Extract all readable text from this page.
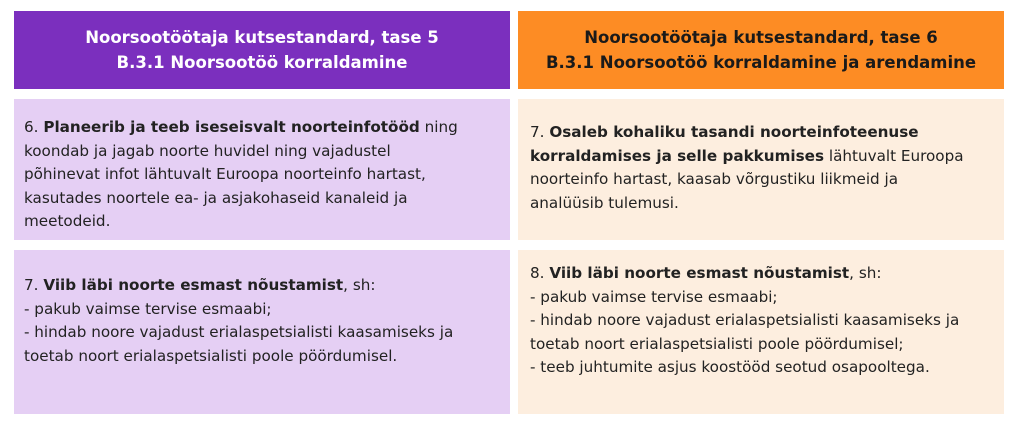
Noorsootöötaja kutsestandard, tase 5
B.3.1 Noorsootöö korraldamine
Noorsootöötaja kutsestandard, tase 6
B.3.1 Noorsootöö korraldamine ja arendamine
6. Planeerib ja teeb iseseisvalt noorteinfotööd ning
koondab ja jagab noorte huvidel ning vajadustel
põhinevat infot lähtuvalt Euroopa noorteinfo hartast,
kasutades noortele ea- ja asjakohaseid kanaleid ja
meetodeid.
7. Osaleb kohaliku tasandi noorteinfoteenuse
korraldamises ja selle pakkumises lähtuvalt Euroopa
noorteinfo hartast, kaasab võrgustiku liikmeid ja
analüüsib tulemusi.
7. Viib läbi noorte esmast nõustamist, sh:
- pakub vaimse tervise esmaabi;
- hindab noore vajadust erialaspetsialisti kaasamiseks ja
toetab noort erialaspetsialisti poole pöördumisel.
8. Viib läbi noorte esmast nõustamist, sh:
- pakub vaimse tervise esmaabi;
- hindab noore vajadust erialaspetsialisti kaasamiseks ja
toetab noort erialaspetsialisti poole pöördumisel;
- teeb juhtumite asjus koostööd seotud osapooltega.
